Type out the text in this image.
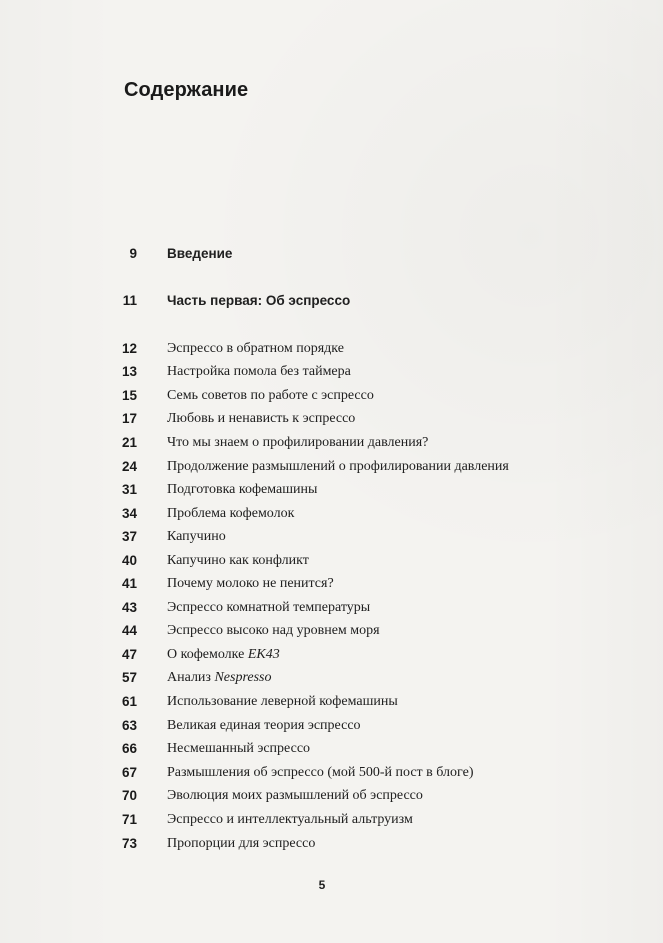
Содержание
9 Введение
11 Часть первая: Об эспрессо
12 Эспрессо в обратном порядке
13 Настройка помола без таймера
15 Семь советов по работе с эспрессо
17 Любовь и ненависть к эспрессо
21 Что мы знаем о профилировании давления?
24 Продолжение размышлений о профилировании давления
31 Подготовка кофемашины
34 Проблема кофемолок
37 Капучино
40 Капучино как конфликт
41 Почему молоко не пенится?
43 Эспрессо комнатной температуры
44 Эспрессо высоко над уровнем моря
47 О кофемолке EK43
57 Анализ Nespresso
61 Использование леверной кофемашины
63 Великая единая теория эспрессо
66 Несмешанный эспрессо
67 Размышления об эспрессо (мой 500-й пост в блоге)
70 Эволюция моих размышлений об эспрессо
71 Эспрессо и интеллектуальный альтруизм
73 Пропорции для эспрессо
5
